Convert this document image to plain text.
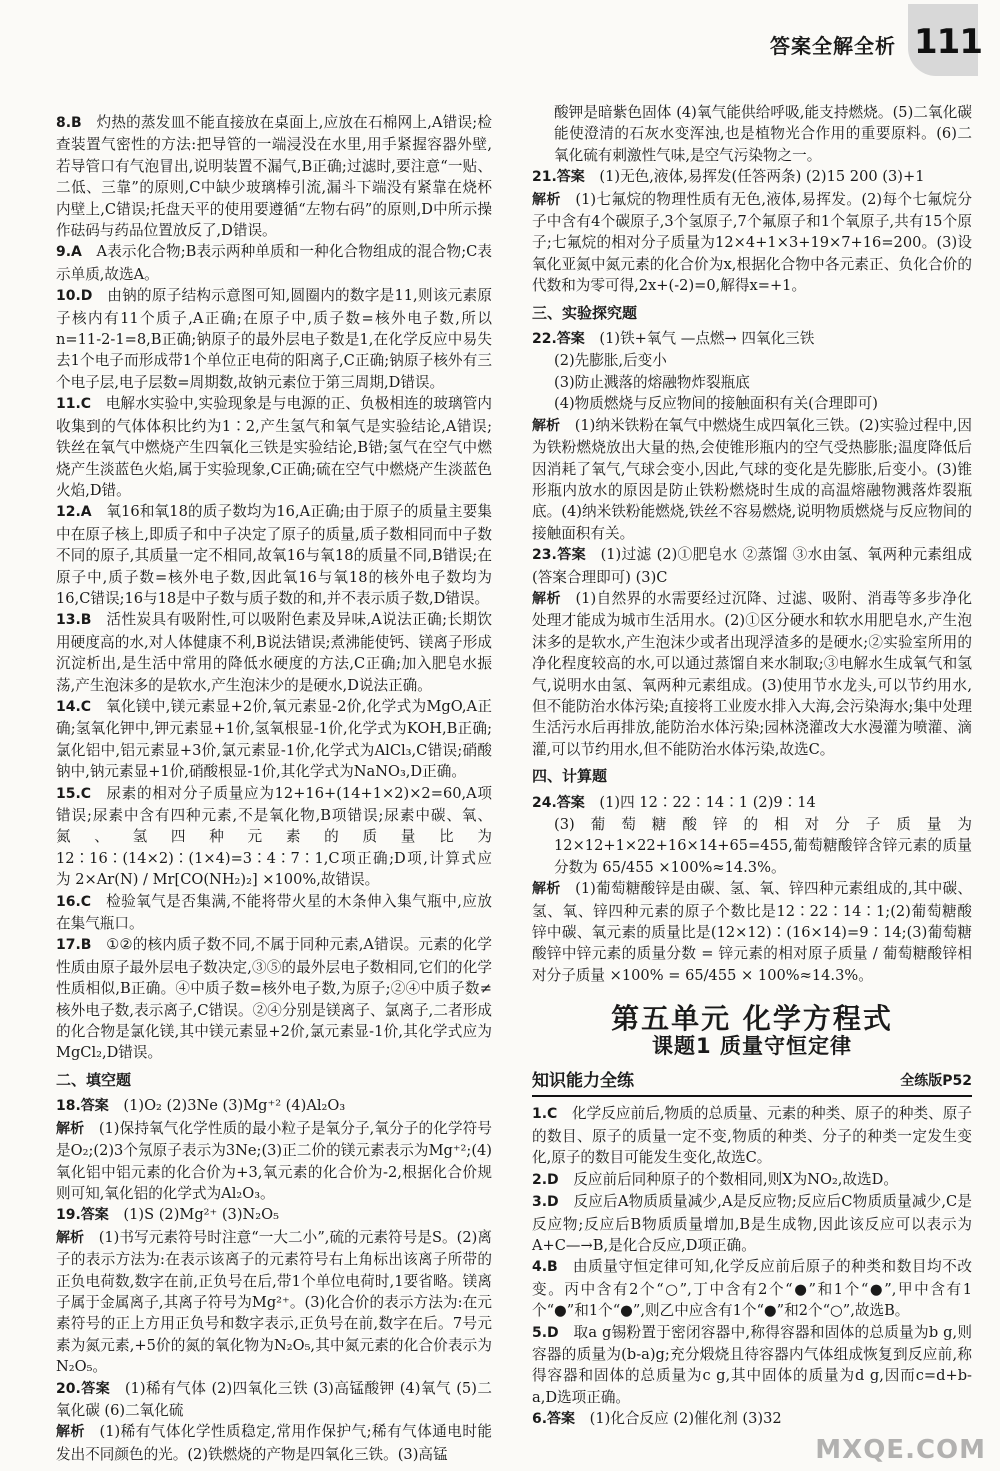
答案全解全析 111
8.B  灼热的蒸发皿不能直接放在桌面上,应放在石棉网上,A错误;检查装置气密性的方法:把导管的一端浸没在水里,用手紧握容器外壁,若导管口有气泡冒出,说明装置不漏气,B正确;过滤时,要注意“一贴、二低、三靠”的原则,C中缺少玻璃棒引流,漏斗下端没有紧靠在烧杯内壁上,C错误;托盘天平的使用要遵循“左物右码”的原则,D中所示操作砝码与药品位置放反了,D错误。
9.A  A表示化合物;B表示两种单质和一种化合物组成的混合物;C表示单质,故选A。
10.D  由钠的原子结构示意图可知,圆圈内的数字是11,则该元素原子核内有11个质子,A正确;在原子中,质子数=核外电子数,所以n=11-2-1=8,B正确;钠原子的最外层电子数是1,在化学反应中易失去1个电子而形成带1个单位正电荷的阳离子,C正确;钠原子核外有三个电子层,电子层数=周期数,故钠元素位于第三周期,D错误。
11.C  电解水实验中,实验现象是与电源的正、负极相连的玻璃管内收集到的气体体积比约为1∶2,产生氢气和氧气是实验结论,A错误;铁丝在氧气中燃烧产生四氧化三铁是实验结论,B错;氢气在空气中燃烧产生淡蓝色火焰,属于实验现象,C正确;硫在空气中燃烧产生淡蓝色火焰,D错。
12.A  氧16和氧18的质子数均为16,A正确;由于原子的质量主要集中在原子核上,即质子和中子决定了原子的质量,质子数相同而中子数不同的原子,其质量一定不相同,故氧16与氧18的质量不同,B错误;在原子中,质子数=核外电子数,因此氧16与氧18的核外电子数均为16,C错误;16与18是中子数与质子数的和,并不表示质子数,D错误。
13.B  活性炭具有吸附性,可以吸附色素及异味,A说法正确;长期饮用硬度高的水,对人体健康不利,B说法错误;煮沸能使钙、镁离子形成沉淀析出,是生活中常用的降低水硬度的方法,C正确;加入肥皂水振荡,产生泡沫多的是软水,产生泡沫少的是硬水,D说法正确。
14.C  氧化镁中,镁元素显+2价,氧元素显-2价,化学式为MgO,A正确;氢氧化钾中,钾元素显+1价,氢氧根显-1价,化学式为KOH,B正确;氯化铝中,铝元素显+3价,氯元素显-1价,化学式为AlCl₃,C错误;硝酸钠中,钠元素显+1价,硝酸根显-1价,其化学式为NaNO₃,D正确。
15.C  尿素的相对分子质量应为12+16+(14+1×2)×2=60,A项错误;尿素中含有四种元素,不是氧化物,B项错误;尿素中碳、氧、氮、氢四种元素的质量比为12∶16∶(14×2)∶(1×4)=3∶4∶7∶1,C项正确;D项,计算式应为 2×Ar(N) / Mr[CO(NH₂)₂] ×100%,故错误。
16.C  检验氧气是否集满,不能将带火星的木条伸入集气瓶中,应放在集气瓶口。
17.B  ①②的核内质子数不同,不属于同种元素,A错误。元素的化学性质由原子最外层电子数决定,③⑤的最外层电子数相同,它们的化学性质相似,B正确。④中质子数=核外电子数,为原子;②④中质子数≠核外电子数,表示离子,C错误。②④分别是镁离子、氯离子,二者形成的化合物是氯化镁,其中镁元素显+2价,氯元素显-1价,其化学式应为MgCl₂,D错误。
二、填空题
18.答案  (1)O₂ (2)3Ne (3)Mg⁺² (4)Al₂O₃
解析  (1)保持氧气化学性质的最小粒子是氧分子,氧分子的化学符号是O₂;(2)3个氖原子表示为3Ne;(3)正二价的镁元素表示为Mg⁺²;(4)氧化铝中铝元素的化合价为+3,氧元素的化合价为-2,根据化合价规则可知,氧化铝的化学式为Al₂O₃。
19.答案  (1)S (2)Mg²⁺ (3)N₂O₅
解析  (1)书写元素符号时注意“一大二小”,硫的元素符号是S。(2)离子的表示方法为:在表示该离子的元素符号右上角标出该离子所带的正负电荷数,数字在前,正负号在后,带1个单位电荷时,1要省略。镁离子属于金属离子,其离子符号为Mg²⁺。(3)化合价的表示方法为:在元素符号的正上方用正负号和数字表示,正负号在前,数字在后。7号元素为氮元素,+5价的氮的氧化物为N₂O₅,其中氮元素的化合价表示为N₂O₅。
20.答案  (1)稀有气体 (2)四氧化三铁 (3)高锰酸钾 (4)氧气 (5)二氧化碳 (6)二氧化硫
解析  (1)稀有气体化学性质稳定,常用作保护气;稀有气体通电时能发出不同颜色的光。(2)铁燃烧的产物是四氧化三铁。(3)高锰
酸钾是暗紫色固体 (4)氧气能供给呼吸,能支持燃烧。(5)二氧化碳能使澄清的石灰水变浑浊,也是植物光合作用的重要原料。(6)二氧化硫有刺激性气味,是空气污染物之一。
21.答案  (1)无色,液体,易挥发(任答两条) (2)15 200 (3)+1
解析  (1)七氟烷的物理性质有无色,液体,易挥发。(2)每个七氟烷分子中含有4个碳原子,3个氢原子,7个氟原子和1个氧原子,共有15个原子;七氟烷的相对分子质量为12×4+1×3+19×7+16=200。(3)设氧化亚氮中氮元素的化合价为x,根据化合物中各元素正、负化合价的代数和为零可得,2x+(-2)=0,解得x=+1。
三、实验探究题
22.答案  (1)铁+氧气 —点燃→ 四氧化三铁
(2)先膨胀,后变小
(3)防止溅落的熔融物炸裂瓶底
(4)物质燃烧与反应物间的接触面积有关(合理即可)
解析  (1)纳米铁粉在氧气中燃烧生成四氧化三铁。(2)实验过程中,因为铁粉燃烧放出大量的热,会使锥形瓶内的空气受热膨胀;温度降低后因消耗了氧气,气球会变小,因此,气球的变化是先膨胀,后变小。(3)锥形瓶内放水的原因是防止铁粉燃烧时生成的高温熔融物溅落炸裂瓶底。(4)纳米铁粉能燃烧,铁丝不容易燃烧,说明物质燃烧与反应物间的接触面积有关。
23.答案  (1)过滤 (2)①肥皂水 ②蒸馏 ③水由氢、氧两种元素组成(答案合理即可) (3)C
解析  (1)自然界的水需要经过沉降、过滤、吸附、消毒等多步净化处理才能成为城市生活用水。(2)①区分硬水和软水用肥皂水,产生泡沫多的是软水,产生泡沫少或者出现浮渣多的是硬水;②实验室所用的净化程度较高的水,可以通过蒸馏自来水制取;③电解水生成氧气和氢气,说明水由氢、氧两种元素组成。(3)使用节水龙头,可以节约用水,但不能防治水体污染;直接将工业废水排入大海,会污染海水;集中处理生活污水后再排放,能防治水体污染;园林浇灌改大水漫灌为喷灌、滴灌,可以节约用水,但不能防治水体污染,故选C。
四、计算题
24.答案  (1)四 12∶22∶14∶1 (2)9∶14
(3)葡萄糖酸锌的相对分子质量为12×12+1×22+16×14+65=455,葡萄糖酸锌含锌元素的质量分数为 65/455 ×100%≈14.3%。
解析  (1)葡萄糖酸锌是由碳、氢、氧、锌四种元素组成的,其中碳、氢、氧、锌四种元素的原子个数比是12∶22∶14∶1;(2)葡萄糖酸锌中碳、氧元素的质量比是(12×12)∶(16×14)=9∶14;(3)葡萄糖酸锌中锌元素的质量分数 = 锌元素的相对原子质量 / 葡萄糖酸锌相对分子质量 ×100% = 65/455 × 100%≈14.3%。
第五单元 化学方程式
课题1 质量守恒定律
知识能力全练	全练版P52
1.C  化学反应前后,物质的总质量、元素的种类、原子的种类、原子的数目、原子的质量一定不变,物质的种类、分子的种类一定发生变化,原子的数目可能发生变化,故选C。
2.D  反应前后同种原子的个数相同,则X为NO₂,故选D。
3.D  反应后A物质质量减少,A是反应物;反应后C物质质量减少,C是反应物;反应后B物质质量增加,B是生成物,因此该反应可以表示为A+C—→B,是化合反应,D项正确。
4.B  由质量守恒定律可知,化学反应前后原子的种类和数目均不改变。丙中含有2个“○”,丁中含有2个“●”和1个“●”,甲中含有1个“●”和1个“●”,则乙中应含有1个“●”和2个“○”,故选B。
5.D  取a g锡粉置于密闭容器中,称得容器和固体的总质量为b g,则容器的质量为(b-a)g;充分煅烧且待容器内气体组成恢复到反应前,称得容器和固体的总质量为c g,其中固体的质量为d g,因而c=d+b-a,D选项正确。
6.答案  (1)化合反应 (2)催化剂 (3)32
MXQE.COM
